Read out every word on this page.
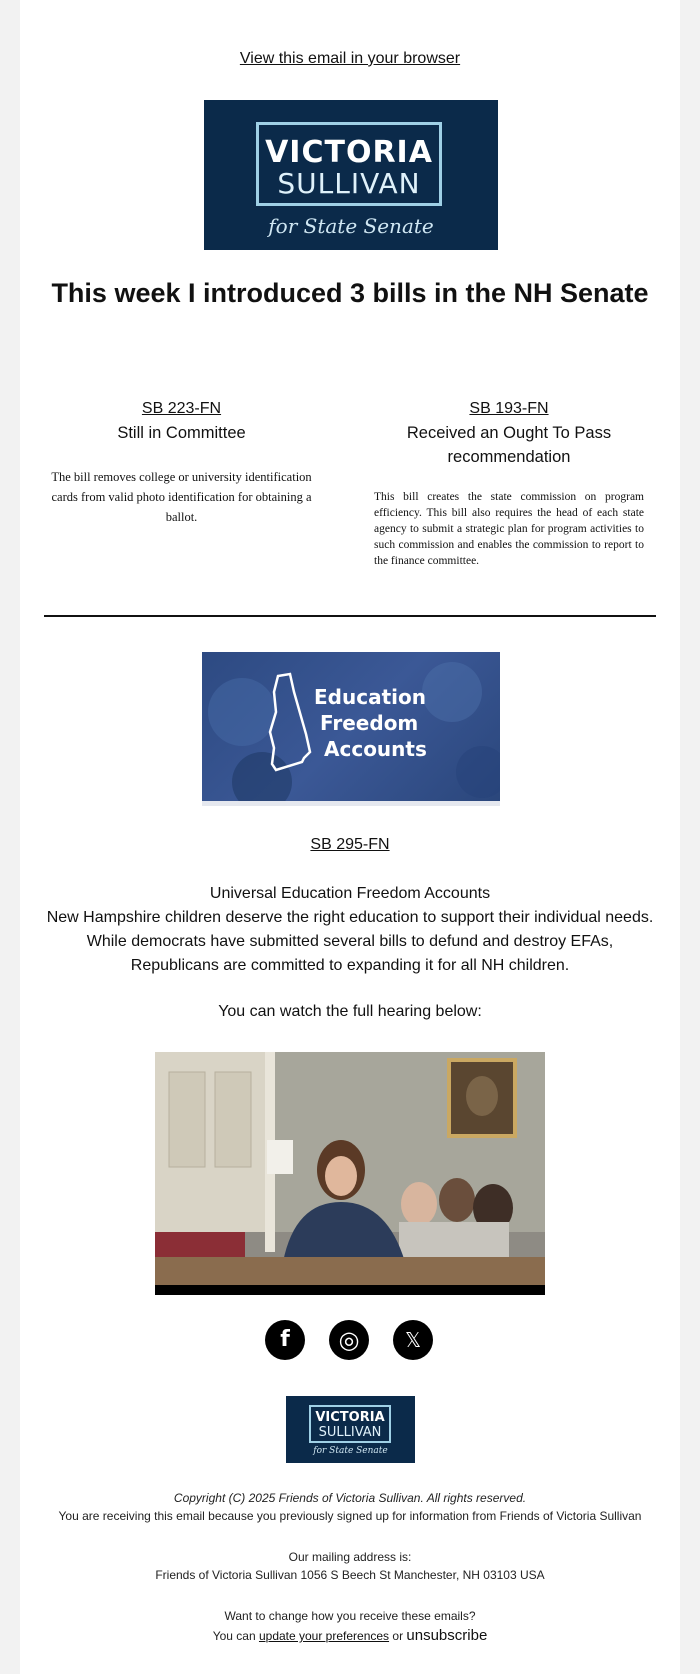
View this email in your browser
VICTORIA
SULLIVAN
for State Senate
This week I introduced 3 bills in the NH Senate
SB 223-FN
Still in Committee
The bill removes college or university identification cards from valid photo identification for obtaining a ballot.
SB 193-FN
Received an Ought To Pass recommendation
This bill creates the state commission on program efficiency. This bill also requires the head of each state agency to submit a strategic plan for program activities to such commission and enables the commission to report to the finance committee.
Education
Freedom
Accounts
SB 295-FN
Universal Education Freedom Accounts
New Hampshire children deserve the right education to support their individual needs.
While democrats have submitted several bills to defund and destroy EFAs,
Republicans are committed to expanding it for all NH children.
You can watch the full hearing below:
f	◎	𝕏
VICTORIA
SULLIVAN
for State Senate
Copyright (C) 2025 Friends of Victoria Sullivan. All rights reserved.
You are receiving this email because you previously signed up for information from Friends of Victoria Sullivan
Our mailing address is:
Friends of Victoria Sullivan 1056 S Beech St Manchester, NH 03103 USA
Want to change how you receive these emails?
You can update your preferences or unsubscribe
